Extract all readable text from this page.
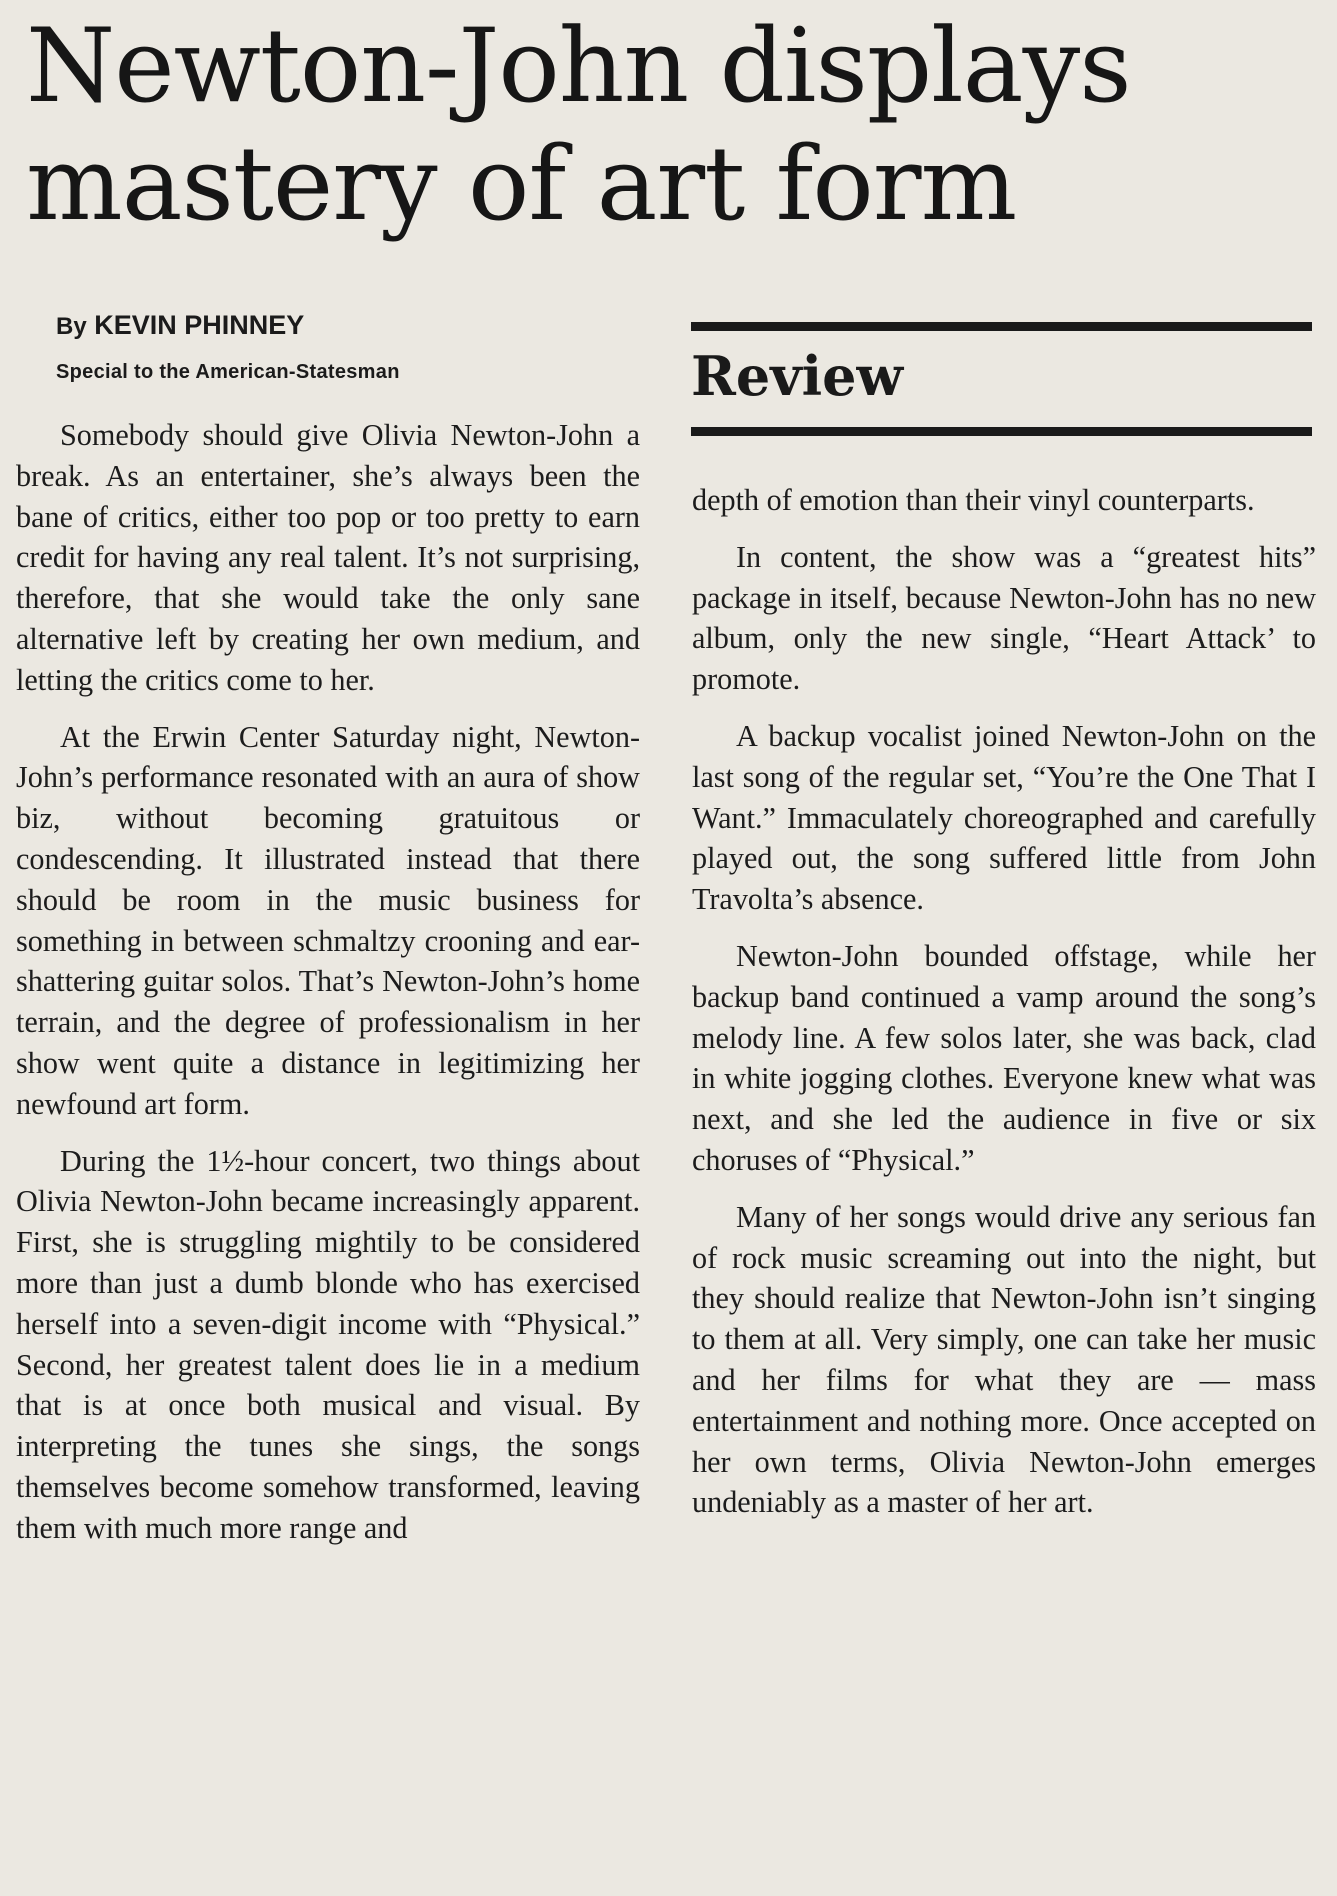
Newton-John displays
mastery of art form
By KEVIN PHINNEY
Special to the American-Statesman	Review

Somebody should give Olivia Newton-John a break. As an entertainer, she’s always been the bane of critics, either too pop or too pretty to earn credit for having any real talent. It’s not surprising, therefore, that she would take the only sane alternative left by creating her own medium, and letting the critics come to her.

At the Erwin Center Saturday night, Newton-John’s performance resonated with an aura of show biz, without becoming gratuitous or condescending. It illustrated instead that there should be room in the music business for something in between schmaltzy crooning and ear-shattering guitar solos. That’s Newton-John’s home terrain, and the degree of professionalism in her show went quite a distance in legitimizing her newfound art form.

During the 1½-hour concert, two things about Olivia Newton-John became increasingly apparent. First, she is struggling mightily to be considered more than just a dumb blonde who has exercised herself into a seven-digit income with “Physical.” Second, her greatest talent does lie in a medium that is at once both musical and visual. By interpreting the tunes she sings, the songs themselves become somehow transformed, leaving them with much more range and

depth of emotion than their vinyl counterparts.

In content, the show was a “greatest hits” package in itself, because Newton-John has no new album, only the new single, “Heart Attack’ to promote.

A backup vocalist joined Newton-John on the last song of the regular set, “You’re the One That I Want.” Immaculately choreographed and carefully played out, the song suffered little from John Travolta’s absence.

Newton-John bounded offstage, while her backup band continued a vamp around the song’s melody line. A few solos later, she was back, clad in white jogging clothes. Everyone knew what was next, and she led the audience in five or six choruses of “Physical.”

Many of her songs would drive any serious fan of rock music screaming out into the night, but they should realize that Newton-John isn’t singing to them at all. Very simply, one can take her music and her films for what they are — mass entertainment and nothing more. Once accepted on her own terms, Olivia Newton-John emerges undeniably as a master of her art.
